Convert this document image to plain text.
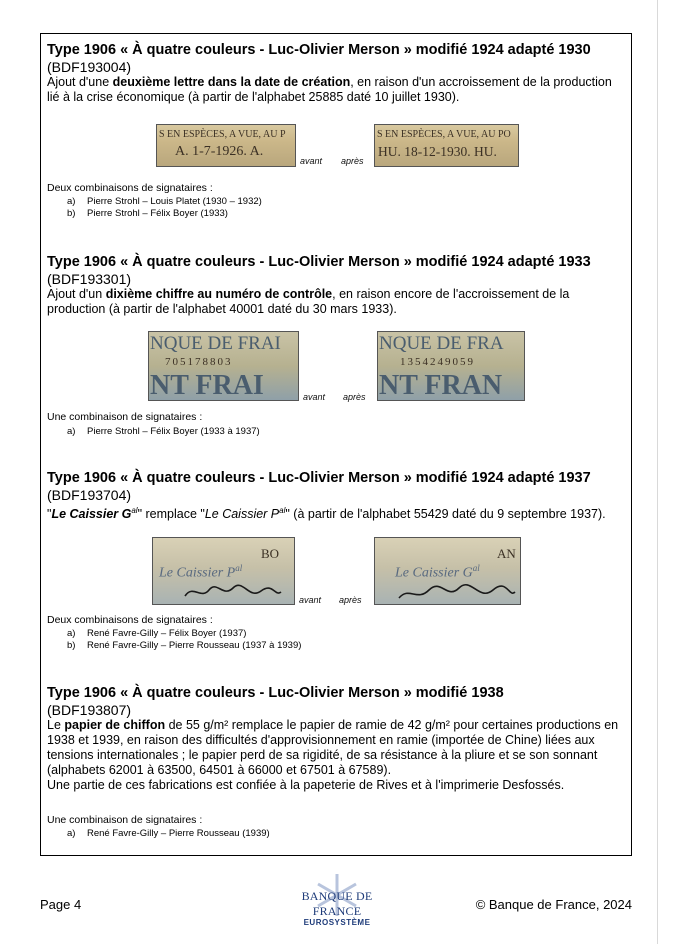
Type 1906 « À quatre couleurs - Luc-Olivier Merson » modifié 1924 adapté 1930
(BDF193004)
Ajout d'une deuxième lettre dans la date de création, en raison d'un accroissement de la production lié à la crise économique (à partir de l'alphabet 25885 daté 10 juillet 1930).
S EN ESPÈCES, A VUE, AU P
A. 1-7-1926. A.
avant après
S EN ESPÈCES, A VUE, AU PO
HU. 18-12-1930. HU.
Deux combinaisons de signataires :
a) Pierre Strohl – Louis Platet (1930 – 1932)
b) Pierre Strohl – Félix Boyer (1933)
Type 1906 « À quatre couleurs - Luc-Olivier Merson » modifié 1924 adapté 1933
(BDF193301)
Ajout d'un dixième chiffre au numéro de contrôle, en raison encore de l'accroissement de la production (à partir de l'alphabet 40001 daté du 30 mars 1933).
NQUE DE FRAI
705178803
NT FRAI	avant après
NQUE DE FRA
1354249059
NT FRAN
Une combinaison de signataires :
a) Pierre Strohl – Félix Boyer (1933 à 1937)
Type 1906 « À quatre couleurs - Luc-Olivier Merson » modifié 1924 adapté 1937
(BDF193704)
"Le Caissier $G^{al}$" remplace "Le Caissier $P^{al}$" (à partir de l'alphabet 55429 daté du 9 septembre 1937).
BO
Le Caissier $P^{al}$
avant après
AN
Le Caissier $G^{al}$
Deux combinaisons de signataires :
a) René Favre-Gilly – Félix Boyer (1937)
b) René Favre-Gilly – Pierre Rousseau (1937 à 1939)
Type 1906 « À quatre couleurs - Luc-Olivier Merson » modifié 1938
(BDF193807)
Le papier de chiffon de 55 g/m² remplace le papier de ramie de 42 g/m² pour certaines productions en 1938 et 1939, en raison des difficultés d'approvisionnement en ramie (importée de Chine) liées aux tensions internationales ; le papier perd de sa rigidité, de sa résistance à la pliure et se son sonnant (alphabets 62001 à 63500, 64501 à 66000 et 67501 à 67589).
Une partie de ces fabrications est confiée à la papeterie de Rives et à l'imprimerie Desfossés.
Une combinaison de signataires :
a) René Favre-Gilly – Pierre Rousseau (1939)
Page 4
BANQUE DE FRANCE
EUROSYSTÈME
© Banque de France, 2024
